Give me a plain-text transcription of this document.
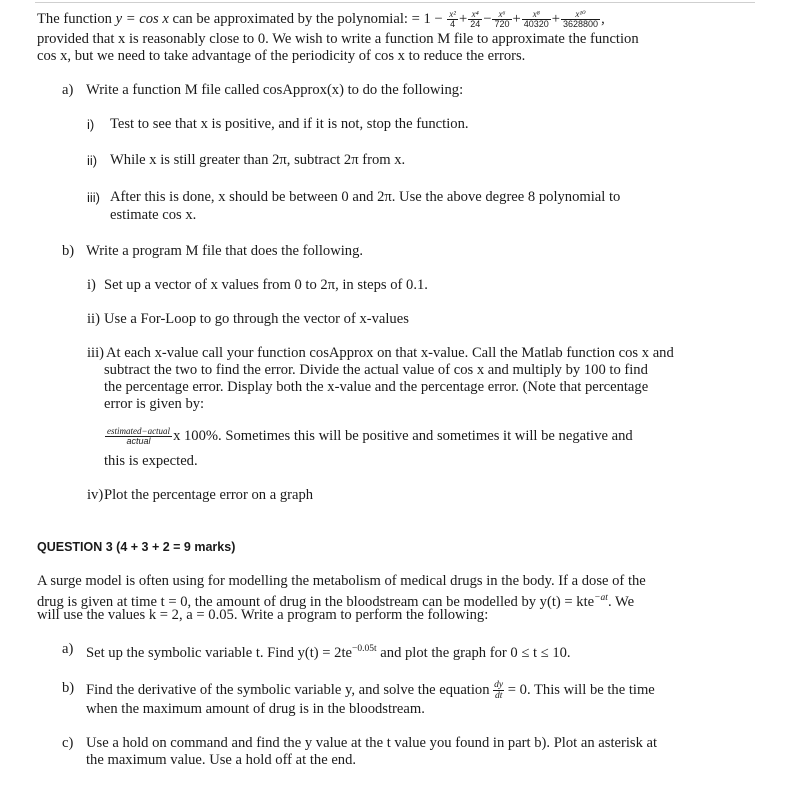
The function y = cos x can be approximated by the polynomial: = $1 - \frac{\text{x²}}{4} + \frac{\text{x⁴}}{24} - \frac{\text{x⁶}}{720} + \frac{\text{x⁸}}{40320} + \frac{\text{x¹⁰}}{3628800}$ ,
provided that x is reasonably close to 0. We wish to write a function M file to approximate the function
cos x, but we need to take advantage of the periodicity of cos x to reduce the errors.
a) Write a function M file called cosApprox(x) to do the following:
i) Test to see that x is positive, and if it is not, stop the function.
ii) While x is still greater than 2π, subtract 2π from x.
iii) After this is done, x should be between 0 and 2π. Use the above degree 8 polynomial to
estimate cos x.
b) Write a program M file that does the following.
i) Set up a vector of x values from 0 to 2π, in steps of 0.1.
ii) Use a For-Loop to go through the vector of x-values
iii) At each x-value call your function cosApprox on that x-value. Call the Matlab function cos x and
subtract the two to find the error. Divide the actual value of cos x and multiply by 100 to find
the percentage error. Display both the x-value and the percentage error. (Note that percentage
error is given by:
$\frac{\text{estimated−actual}}{\text{actual}}$ x 100%. Sometimes this will be positive and sometimes it will be negative and
this is expected.
iv) Plot the percentage error on a graph
QUESTION 3 (4 + 3 + 2 = 9 marks)
A surge model is often using for modelling the metabolism of medical drugs in the body. If a dose of the
drug is given at time t = 0, the amount of drug in the bloodstream can be modelled by y(t) = kte$^{-at}$. We
will use the values k = 2, a = 0.05. Write a program to perform the following:
a) Set up the symbolic variable t. Find $y(t) = 2te^{-0.05t}$ and plot the graph for 0 ≤ t ≤ 10.
b) Find the derivative of the symbolic variable y, and solve the equation $\frac{dy}{dt} = 0$. This will be the time
when the maximum amount of drug is in the bloodstream.
c) Use a hold on command and find the y value at the t value you found in part b). Plot an asterisk at
the maximum value. Use a hold off at the end.
